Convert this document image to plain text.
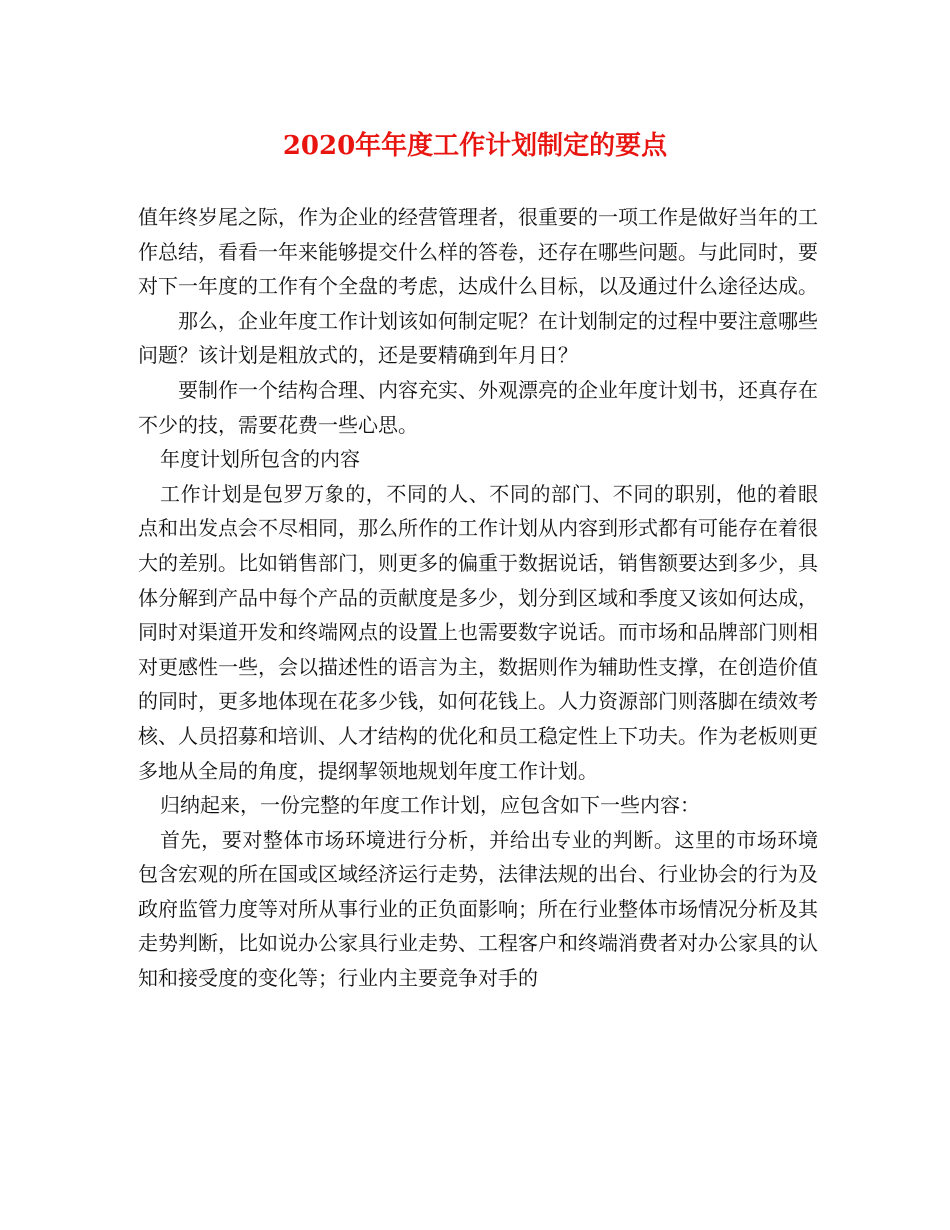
2020年年度工作计划制定的要点

值年终岁尾之际，作为企业的经营管理者，很重要的一项工作是做好当年的工作总结，看看一年来能够提交什么样的答卷，还存在哪些问题。与此同时，要对下一年度的工作有个全盘的考虑，达成什么目标，以及通过什么途径达成。

那么，企业年度工作计划该如何制定呢？在计划制定的过程中要注意哪些问题？该计划是粗放式的，还是要精确到年月日？

要制作一个结构合理、内容充实、外观漂亮的企业年度计划书，还真存在不少的技，需要花费一些心思。

年度计划所包含的内容

工作计划是包罗万象的，不同的人、不同的部门、不同的职别，他的着眼点和出发点会不尽相同，那么所作的工作计划从内容到形式都有可能存在着很大的差别。比如销售部门，则更多的偏重于数据说话，销售额要达到多少，具体分解到产品中每个产品的贡献度是多少，划分到区域和季度又该如何达成，同时对渠道开发和终端网点的设置上也需要数字说话。而市场和品牌部门则相对更感性一些，会以描述性的语言为主，数据则作为辅助性支撑，在创造价值的同时，更多地体现在花多少钱，如何花钱上。人力资源部门则落脚在绩效考核、人员招募和培训、人才结构的优化和员工稳定性上下功夫。作为老板则更多地从全局的角度，提纲挈领地规划年度工作计划。

归纳起来，一份完整的年度工作计划，应包含如下一些内容：

首先，要对整体市场环境进行分析，并给出专业的判断。这里的市场环境包含宏观的所在国或区域经济运行走势，法律法规的出台、行业协会的行为及政府监管力度等对所从事行业的正负面影响；所在行业整体市场情况分析及其走势判断，比如说办公家具行业走势、工程客户和终端消费者对办公家具的认知和接受度的变化等；行业内主要竞争对手的
